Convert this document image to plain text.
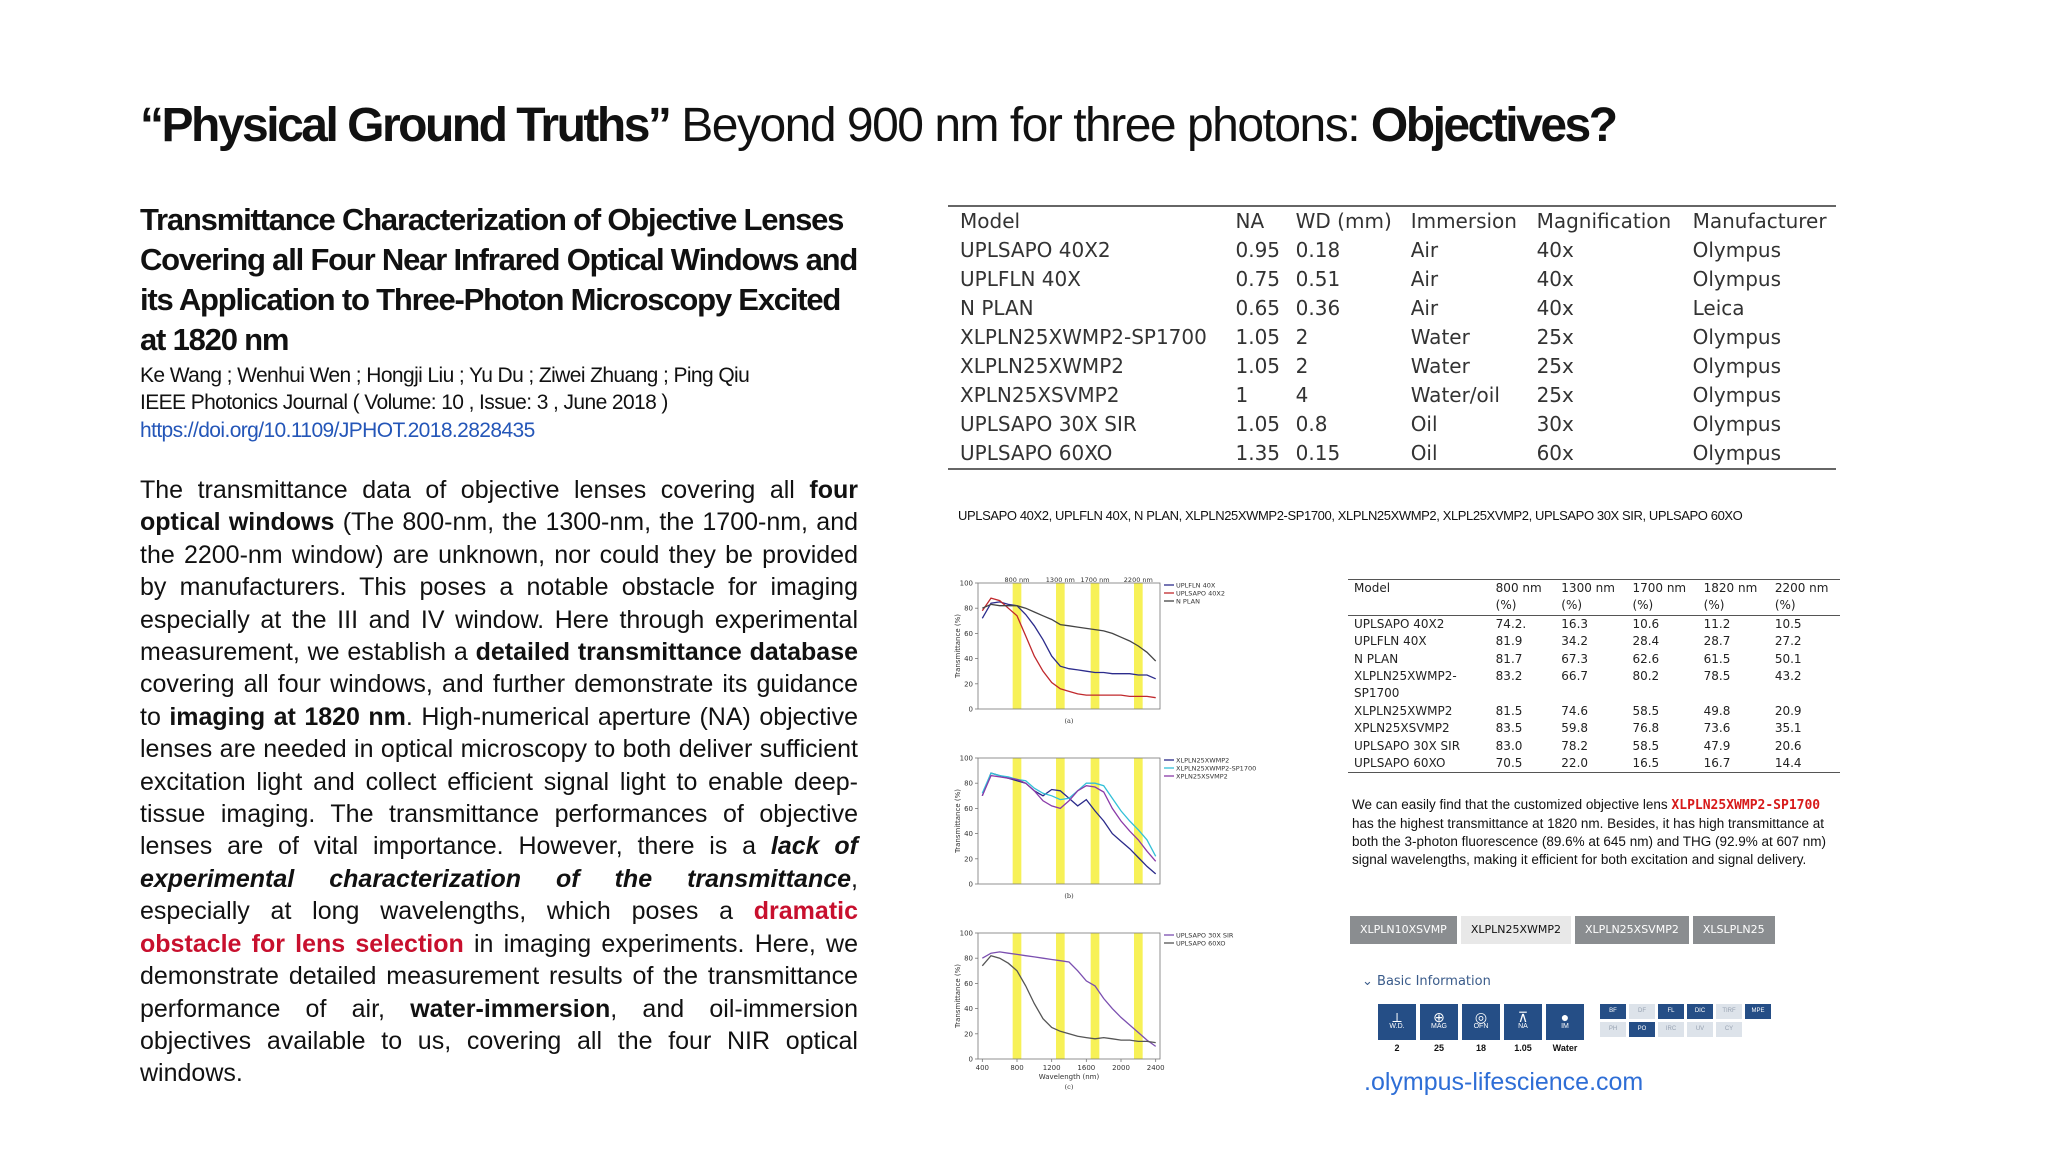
“Physical Ground Truths” Beyond 900 nm for three photons: Objectives?
Transmittance Characterization of Objective Lenses Covering all Four Near Infrared Optical Windows and its Application to Three-Photon Microscopy Excited at 1820 nm
Ke Wang ; Wenhui Wen ; Hongji Liu ; Yu Du ; Ziwei Zhuang ; Ping Qiu
IEEE Photonics Journal ( Volume: 10 , Issue: 3 , June 2018 )
https://doi.org/10.1109/JPHOT.2018.2828435
The transmittance data of objective lenses covering all four optical windows (The 800-nm, the 1300-nm, the 1700-nm, and the 2200-nm window) are unknown, nor could they be provided by manufacturers. This poses a notable obstacle for imaging especially at the III and IV window. Here through experimental measurement, we establish a detailed transmittance database covering all four windows, and further demonstrate its guidance to imaging at 1820 nm. High-numerical aperture (NA) objective lenses are needed in optical microscopy to both deliver sufficient excitation light and collect efficient signal light to enable deep-tissue imaging. The transmittance performances of objective lenses are of vital importance. However, there is a lack of experimental characterization of the transmittance, especially at long wavelengths, which poses a dramatic obstacle for lens selection in imaging experiments. Here, we demonstrate detailed measurement results of the transmittance performance of air, water-immersion, and oil-immersion objectives available to us, covering all the four NIR optical windows.
Model	NA	WD (mm)	Immersion	Magnification	Manufacturer
UPLSAPO 40X2	0.95	0.18	Air	40x	Olympus
UPLFLN 40X	0.75	0.51	Air	40x	Olympus
N PLAN	0.65	0.36	Air	40x	Leica
XLPLN25XWMP2-SP1700	1.05	2	Water	25x	Olympus
XLPLN25XWMP2	1.05	2	Water	25x	Olympus
XPLN25XSVMP2	1	4	Water/oil	25x	Olympus
UPLSAPO 30X SIR	1.05	0.8	Oil	30x	Olympus
UPLSAPO 60XO	1.35	0.15	Oil	60x	Olympus
UPLSAPO 40X2, UPLFLN 40X, N PLAN, XLPLN25XWMP2-SP1700, XLPLN25XWMP2, XLPL25XVMP2, UPLSAPO 30X SIR, UPLSAPO 60XO
800 nm	1300 nm 1700 nm 2200 nm
0
20
40
60
80
100
Transmittance (%)
(a)
UPLFLN 40X
UPLSAPO 40X2
N PLAN
0
20
40
60
80
100
Transmittance (%)
(b)
XLPLN25XWMP2
XLPLN25XWMP2-SP1700
XPLN25XSVMP2
0
20
40
60
80
100
400	800	1200 1600 2000 2400
Wavelength (nm)
Transmittance (%)
(c)
UPLSAPO 30X SIR
UPLSAPO 60XO
Model	800 nm (%)	1300 nm (%)	1700 nm (%)	1820 nm (%)	2200 nm (%)
UPLSAPO 40X2	74.2.	16.3	10.6	11.2	10.5
UPLFLN 40X	81.9	34.2	28.4	28.7	27.2
N PLAN	81.7	67.3	62.6	61.5	50.1
XLPLN25XWMP2-SP1700	83.2	66.7	80.2	78.5	43.2
XLPLN25XWMP2	81.5	74.6	58.5	49.8	20.9
XPLN25XSVMP2	83.5	59.8	76.8	73.6	35.1
UPLSAPO 30X SIR	83.0	78.2	58.5	47.9	20.6
UPLSAPO 60XO	70.5	22.0	16.5	16.7	14.4
We can easily find that the customized objective lens XLPLN25XWMP2-SP1700 has the highest transmittance at 1820 nm. Besides, it has high transmittance at both the 3-photon fluorescence (89.6% at 645 nm) and THG (92.9% at 607 nm) signal wavelengths, making it efficient for both excitation and signal delivery.
XLPLN10XSVMP	XLPLN25XWMP2	XLPLN25XSVMP2	XLSLPLN25
⌄ Basic Information
⟂
W.D.
2
⊕
MAG
25
◎
OFN
18
⊼
NA
1.05
●
IM
Water
BF	DF	FL	DIC	TIRF	MPE
PH	PO	IRC	UV	CY
.olympus-lifescience.com
